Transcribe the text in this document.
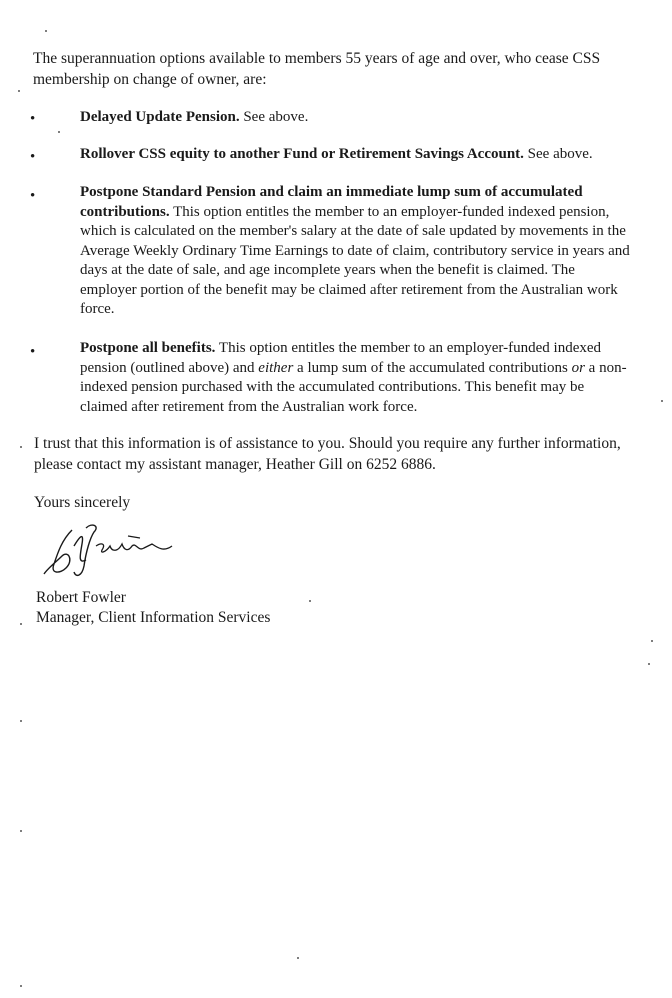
The superannuation options available to members 55 years of age and over, who cease CSS membership on change of owner, are:
•	Delayed Update Pension. See above.
•	Rollover CSS equity to another Fund or Retirement Savings Account. See above.
•	Postpone Standard Pension and claim an immediate lump sum of accumulated contributions. This option entitles the member to an employer-funded indexed pension, which is calculated on the member's salary at the date of sale updated by movements in the Average Weekly Ordinary Time Earnings to date of claim, contributory service in years and days at the date of sale, and age incomplete years when the benefit is claimed. The employer portion of the benefit may be claimed after retirement from the Australian work force.
•	Postpone all benefits. This option entitles the member to an employer-funded indexed pension (outlined above) and either a lump sum of the accumulated contributions or a non-indexed pension purchased with the accumulated contributions. This benefit may be claimed after retirement from the Australian work force.
I trust that this information is of assistance to you. Should you require any further information, please contact my assistant manager, Heather Gill on 6252 6886.
Yours sincerely
Robert Fowler
Manager, Client Information Services
